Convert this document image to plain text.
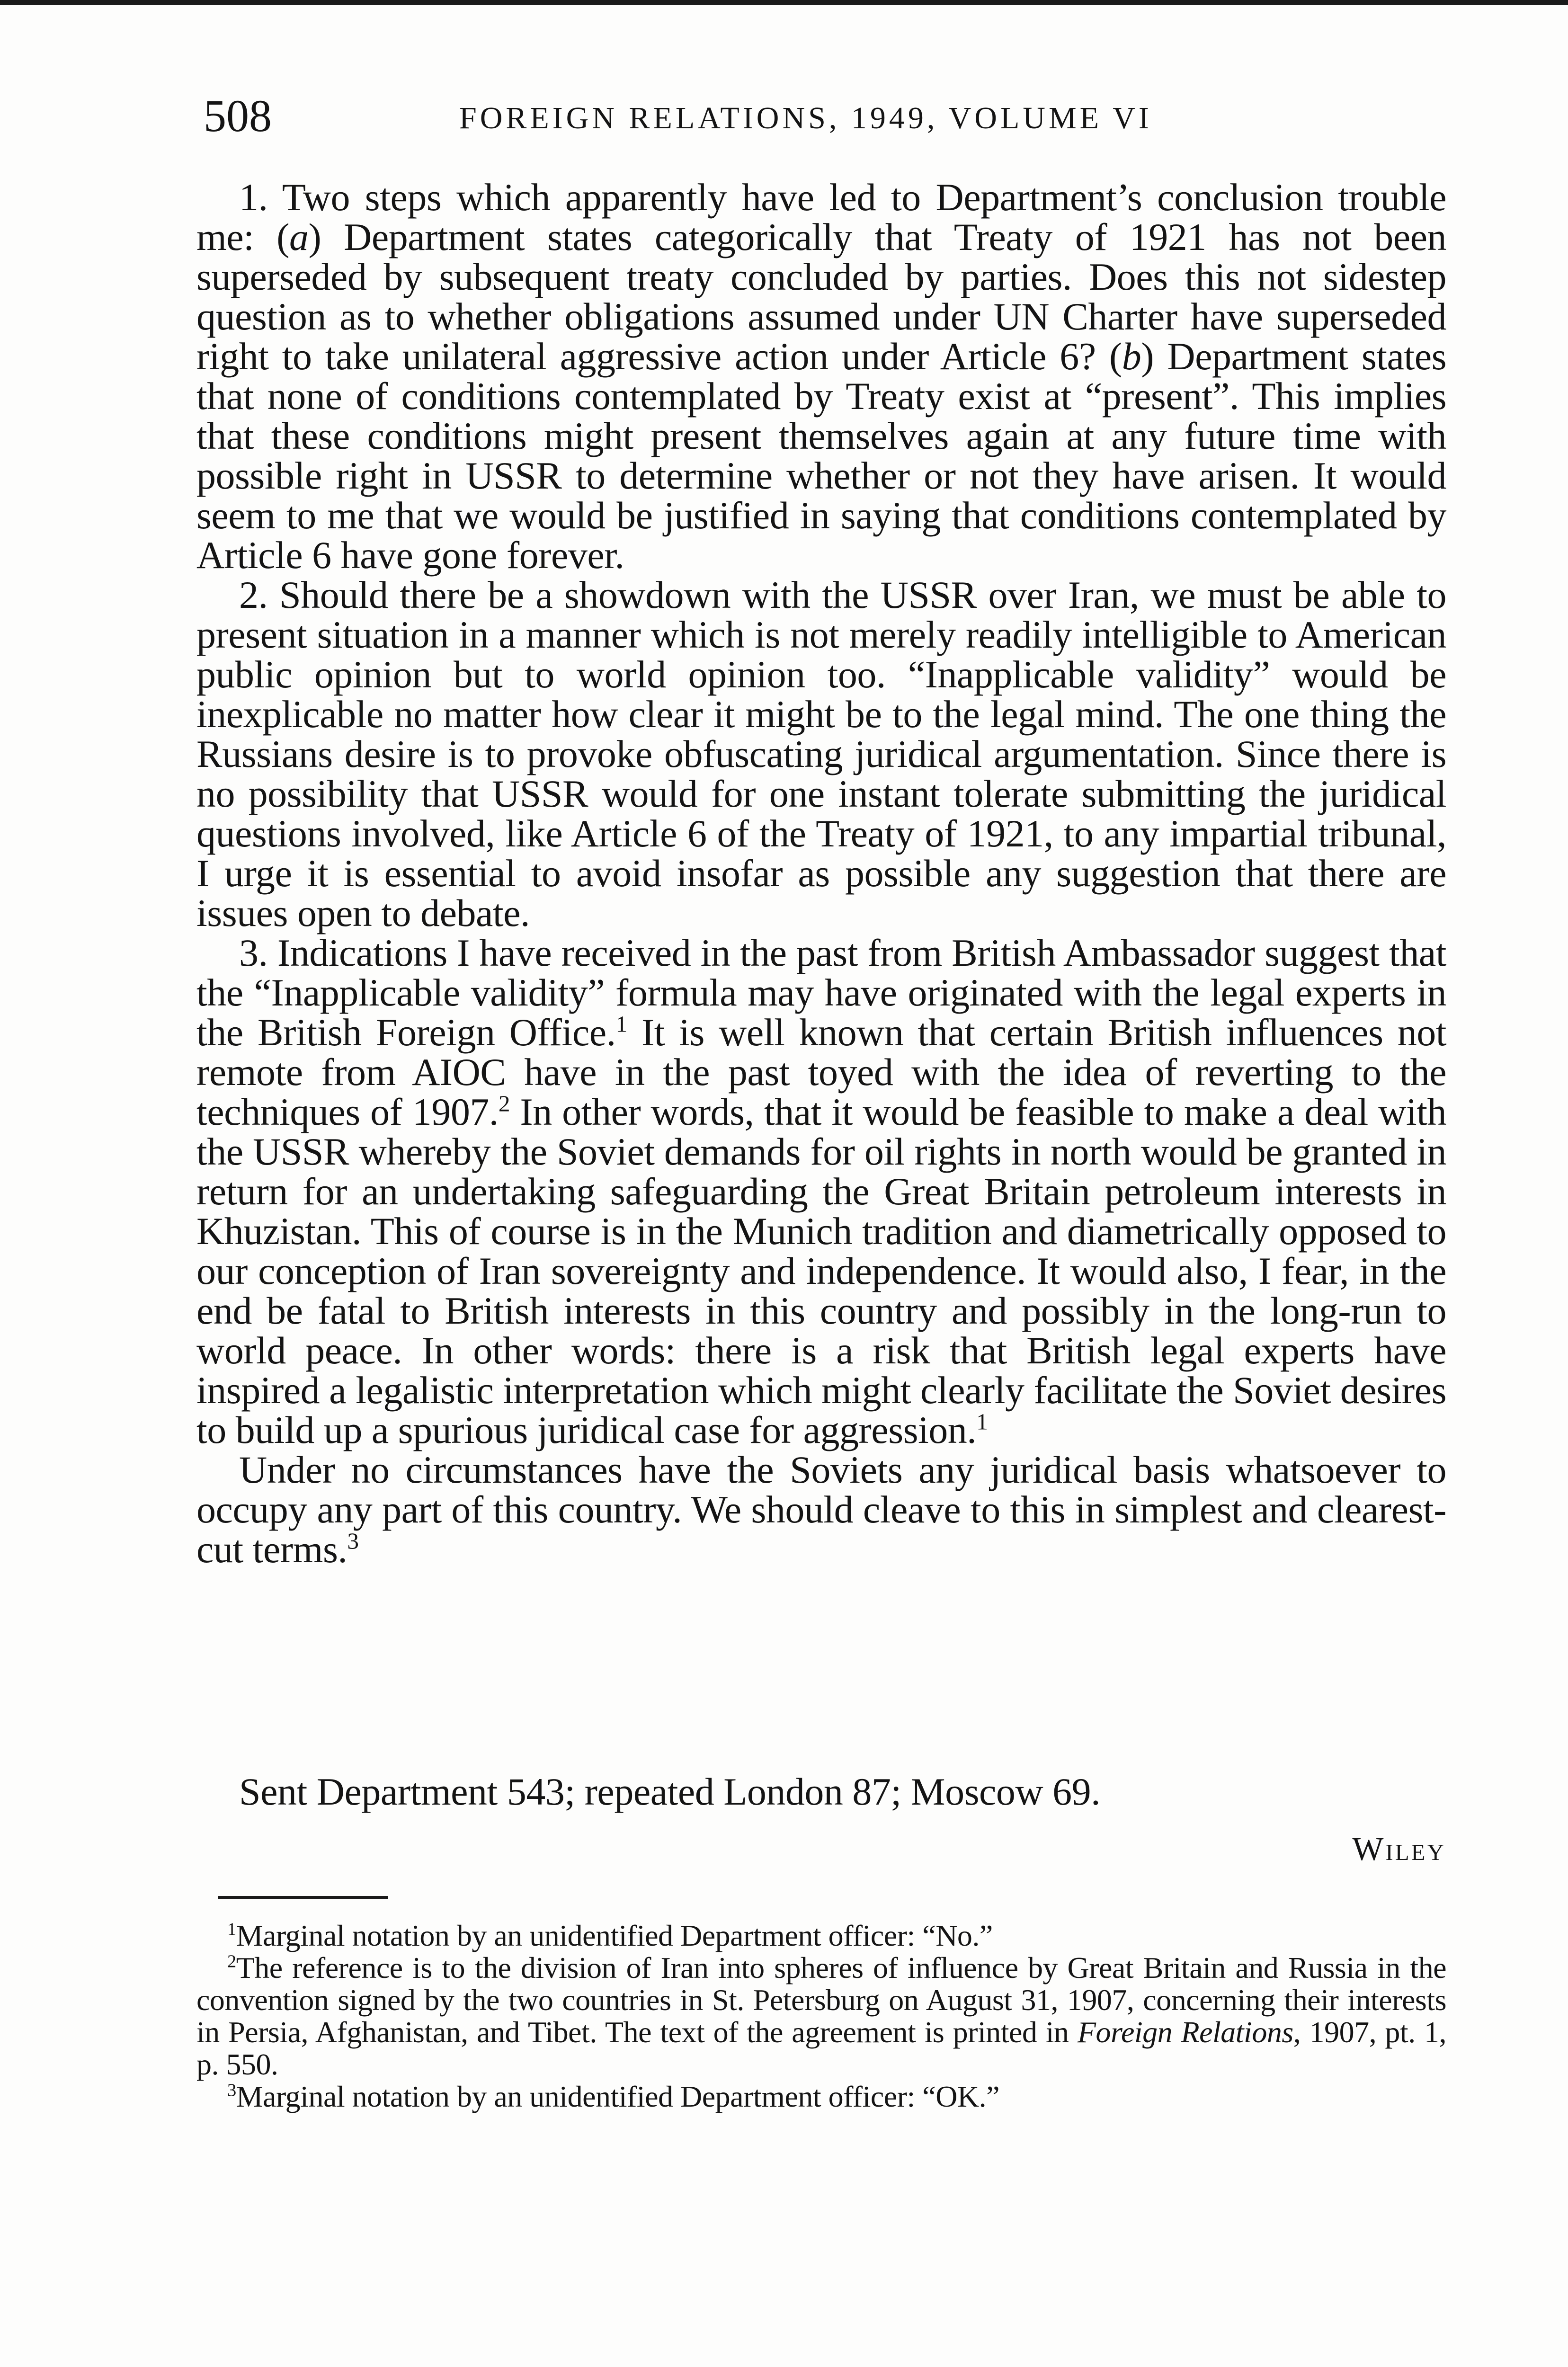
508	FOREIGN RELATIONS, 1949, VOLUME VI

1. Two steps which apparently have led to Department’s conclusion trouble me: (a) Department states categorically that Treaty of 1921 has not been superseded by subsequent treaty concluded by parties. Does this not sidestep question as to whether obligations assumed under UN Charter have superseded right to take unilateral aggressive action under Article 6? (b) Department states that none of conditions contemplated by Treaty exist at “present”. This implies that these conditions might present themselves again at any future time with possible right in USSR to determine whether or not they have arisen. It would seem to me that we would be justified in saying that conditions contemplated by Article 6 have gone forever.

2. Should there be a showdown with the USSR over Iran, we must be able to present situation in a manner which is not merely readily intelligible to American public opinion but to world opinion too. “Inapplicable validity” would be inexplicable no matter how clear it might be to the legal mind. The one thing the Russians desire is to provoke obfuscating juridical argumentation. Since there is no possibility that USSR would for one instant tolerate submitting the juridical questions involved, like Article 6 of the Treaty of 1921, to any impartial tribunal, I urge it is essential to avoid insofar as possible any suggestion that there are issues open to debate.

3. Indications I have received in the past from British Ambassador suggest that the “Inapplicable validity” formula may have originated with the legal experts in the British Foreign Office.$^1$ It is well known that certain British influences not remote from AIOC have in the past toyed with the idea of reverting to the techniques of 1907.$^2$ In other words, that it would be feasible to make a deal with the USSR whereby the Soviet demands for oil rights in north would be granted in return for an undertaking safeguarding the Great Britain petroleum interests in Khuzistan. This of course is in the Munich tradition and diametrically opposed to our conception of Iran sovereignty and independence. It would also, I fear, in the end be fatal to British interests in this country and possibly in the long-run to world peace. In other words: there is a risk that British legal experts have inspired a legalistic interpretation which might clearly facilitate the Soviet desires to build up a spurious juridical case for aggression.$^1$

Under no circumstances have the Soviets any juridical basis whatsoever to occupy any part of this country. We should cleave to this in simplest and clearest-cut terms.$^3$

Sent Department 543; repeated London 87; Moscow 69.
Wiley

$^1$Marginal notation by an unidentified Department officer: “No.”

$^2$The reference is to the division of Iran into spheres of influence by Great Britain and Russia in the convention signed by the two countries in St. Petersburg on August 31, 1907, concerning their interests in Persia, Afghanistan, and Tibet. The text of the agreement is printed in Foreign Relations, 1907, pt. 1, p. 550.

$^3$Marginal notation by an unidentified Department officer: “OK.”
